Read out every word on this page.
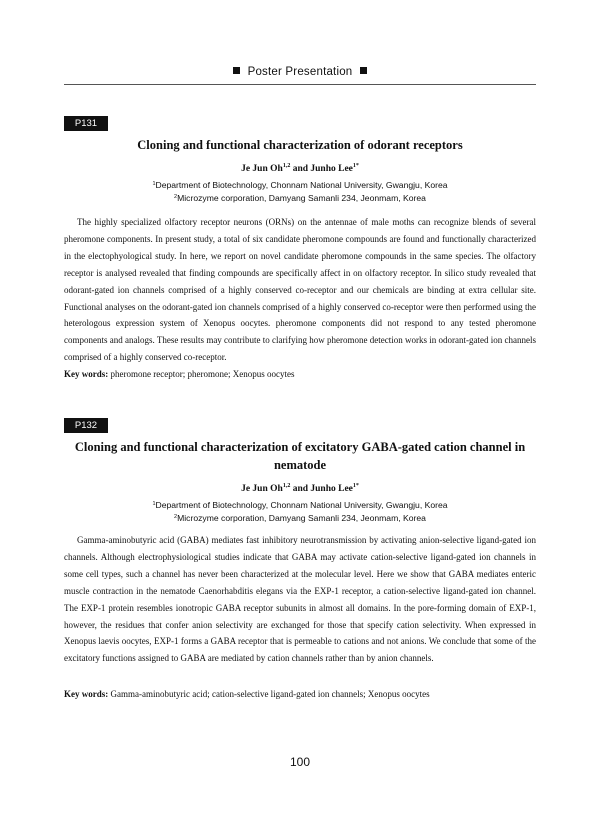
Poster Presentation
P131
Cloning and functional characterization of odorant receptors
Je Jun Oh$^{1,2}$ and Junho Lee$^{1*}$
$^1$Department of Biotechnology, Chonnam National University, Gwangju, Korea
$^2$Microzyme corporation, Damyang Samanli 234, Jeonmam, Korea

The highly specialized olfactory receptor neurons (ORNs) on the antennae of male moths can recognize blends of several pheromone components. In present study, a total of six candidate pheromone compounds are found and functionally characterized in the electophyological study. In here, we report on novel candidate pheromone compounds in the same species. The olfactory receptor is analysed revealed that finding compounds are specifically affect in on olfactory receptor. In silico study revealed that odorant-gated ion channels comprised of a highly conserved co-receptor and our chemicals are binding at extra cellular site. Functional analyses on the odorant-gated ion channels comprised of a highly conserved co-receptor were then performed using the heterologous expression system of Xenopus oocytes. pheromone components did not respond to any tested pheromone components and analogs. These results may contribute to clarifying how pheromone detection works in odorant-gated ion channels comprised of a highly conserved co-receptor.

Key words: pheromone receptor; pheromone; Xenopus oocytes
P132
Cloning and functional characterization of excitatory GABA-gated cation channel in nematode
Je Jun Oh$^{1,2}$ and Junho Lee$^{1*}$
$^1$Department of Biotechnology, Chonnam National University, Gwangju, Korea
$^2$Microzyme corporation, Damyang Samanli 234, Jeonmam, Korea

Gamma-aminobutyric acid (GABA) mediates fast inhibitory neurotransmission by activating anion-selective ligand-gated ion channels. Although electrophysiological studies indicate that GABA may activate cation-selective ligand-gated ion channels in some cell types, such a channel has never been characterized at the molecular level. Here we show that GABA mediates enteric muscle contraction in the nematode Caenorhabditis elegans via the EXP-1 receptor, a cation-selective ligand-gated ion channel. The EXP-1 protein resembles ionotropic GABA receptor subunits in almost all domains. In the pore-forming domain of EXP-1, however, the residues that confer anion selectivity are exchanged for those that specify cation selectivity. When expressed in Xenopus laevis oocytes, EXP-1 forms a GABA receptor that is permeable to cations and not anions. We conclude that some of the excitatory functions assigned to GABA are mediated by cation channels rather than by anion channels.

Key words: Gamma-aminobutyric acid; cation-selective ligand-gated ion channels; Xenopus oocytes
100
